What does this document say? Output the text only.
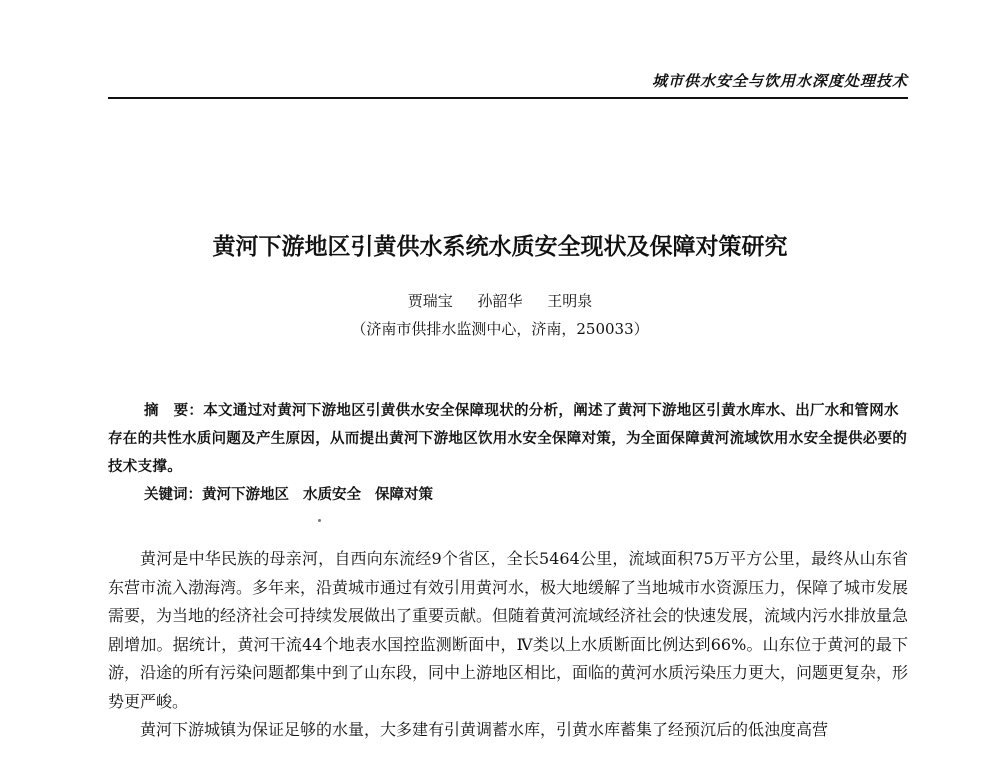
城市供水安全与饮用水深度处理技术
黄河下游地区引黄供水系统水质安全现状及保障对策研究
贾瑞宝 孙韶华 王明泉
（济南市供排水监测中心，济南，250033）

摘　要：本文通过对黄河下游地区引黄供水安全保障现状的分析，阐述了黄河下游地区引黄水库水、出厂水和管网水存在的共性水质问题及产生原因，从而提出黄河下游地区饮用水安全保障对策，为全面保障黄河流域饮用水安全提供必要的技术支撑。

关键词：黄河下游地区 水质安全 保障对策

黄河是中华民族的母亲河，自西向东流经9个省区，全长5464公里，流域面积75万平方公里，最终从山东省东营市流入渤海湾。多年来，沿黄城市通过有效引用黄河水，极大地缓解了当地城市水资源压力，保障了城市发展需要，为当地的经济社会可持续发展做出了重要贡献。但随着黄河流域经济社会的快速发展，流域内污水排放量急剧增加。据统计，黄河干流44个地表水国控监测断面中，Ⅳ类以上水质断面比例达到66%。山东位于黄河的最下游，沿途的所有污染问题都集中到了山东段，同中上游地区相比，面临的黄河水质污染压力更大，问题更复杂，形势更严峻。

黄河下游城镇为保证足够的水量，大多建有引黄调蓄水库，引黄水库蓄集了经预沉后的低浊度高营
